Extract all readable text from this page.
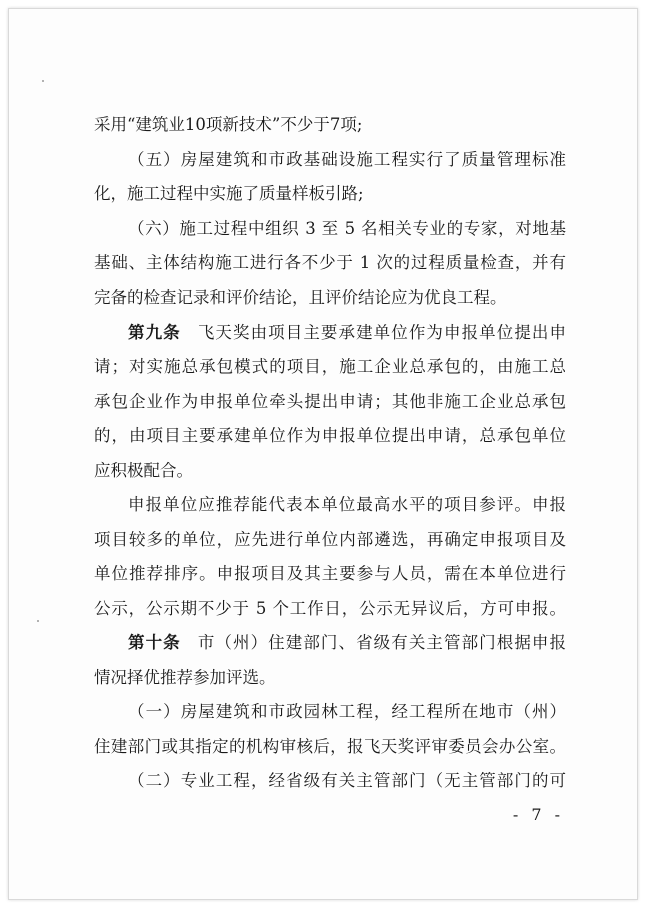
采用“建筑业10项新技术”不少于7项;
（五）房屋建筑和市政基础设施工程实行了质量管理标准
化，施工过程中实施了质量样板引路;
（六）施工过程中组织 3 至 5 名相关专业的专家，对地基
基础、主体结构施工进行各不少于 1 次的过程质量检查，并有
完备的检查记录和评价结论，且评价结论应为优良工程。
第九条 飞天奖由项目主要承建单位作为申报单位提出申
请；对实施总承包模式的项目，施工企业总承包的，由施工总
承包企业作为申报单位牵头提出申请；其他非施工企业总承包
的，由项目主要承建单位作为申报单位提出申请，总承包单位
应积极配合。
申报单位应推荐能代表本单位最高水平的项目参评。申报
项目较多的单位，应先进行单位内部遴选，再确定申报项目及
单位推荐排序。申报项目及其主要参与人员，需在本单位进行
公示，公示期不少于 5 个工作日，公示无异议后，方可申报。
第十条 市（州）住建部门、省级有关主管部门根据申报
情况择优推荐参加评选。
（一）房屋建筑和市政园林工程，经工程所在地市（州）
住建部门或其指定的机构审核后，报飞天奖评审委员会办公室。
（二）专业工程，经省级有关主管部门（无主管部门的可
- 7 -
